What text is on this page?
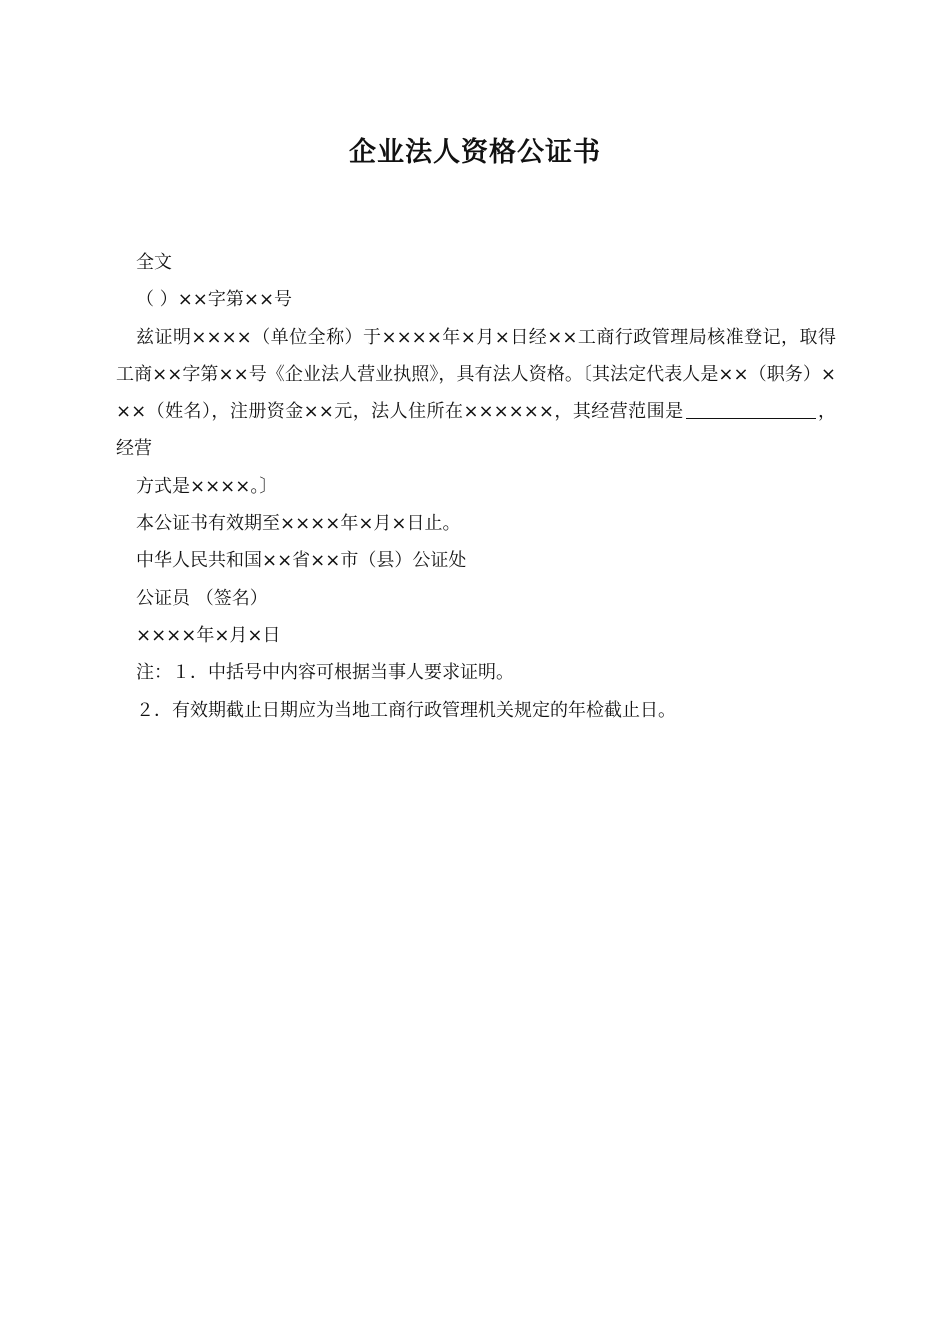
企业法人资格公证书
全文
（ ）××字第××号
兹证明××××（单位全称）于××××年×月×日经××工商行政管理局核准登记，取得工商××字第××号《企业法人营业执照》，具有法人资格。〔其法定代表人是××（职务）×××（姓名），注册资金××元，法人住所在××××××，其经营范围是	，经营
方式是××××。〕
本公证书有效期至××××年×月×日止。
中华人民共和国××省××市（县）公证处
公证员 （签名）
××××年×月×日
注：１．中括号中内容可根据当事人要求证明。
２．有效期截止日期应为当地工商行政管理机关规定的年检截止日。
